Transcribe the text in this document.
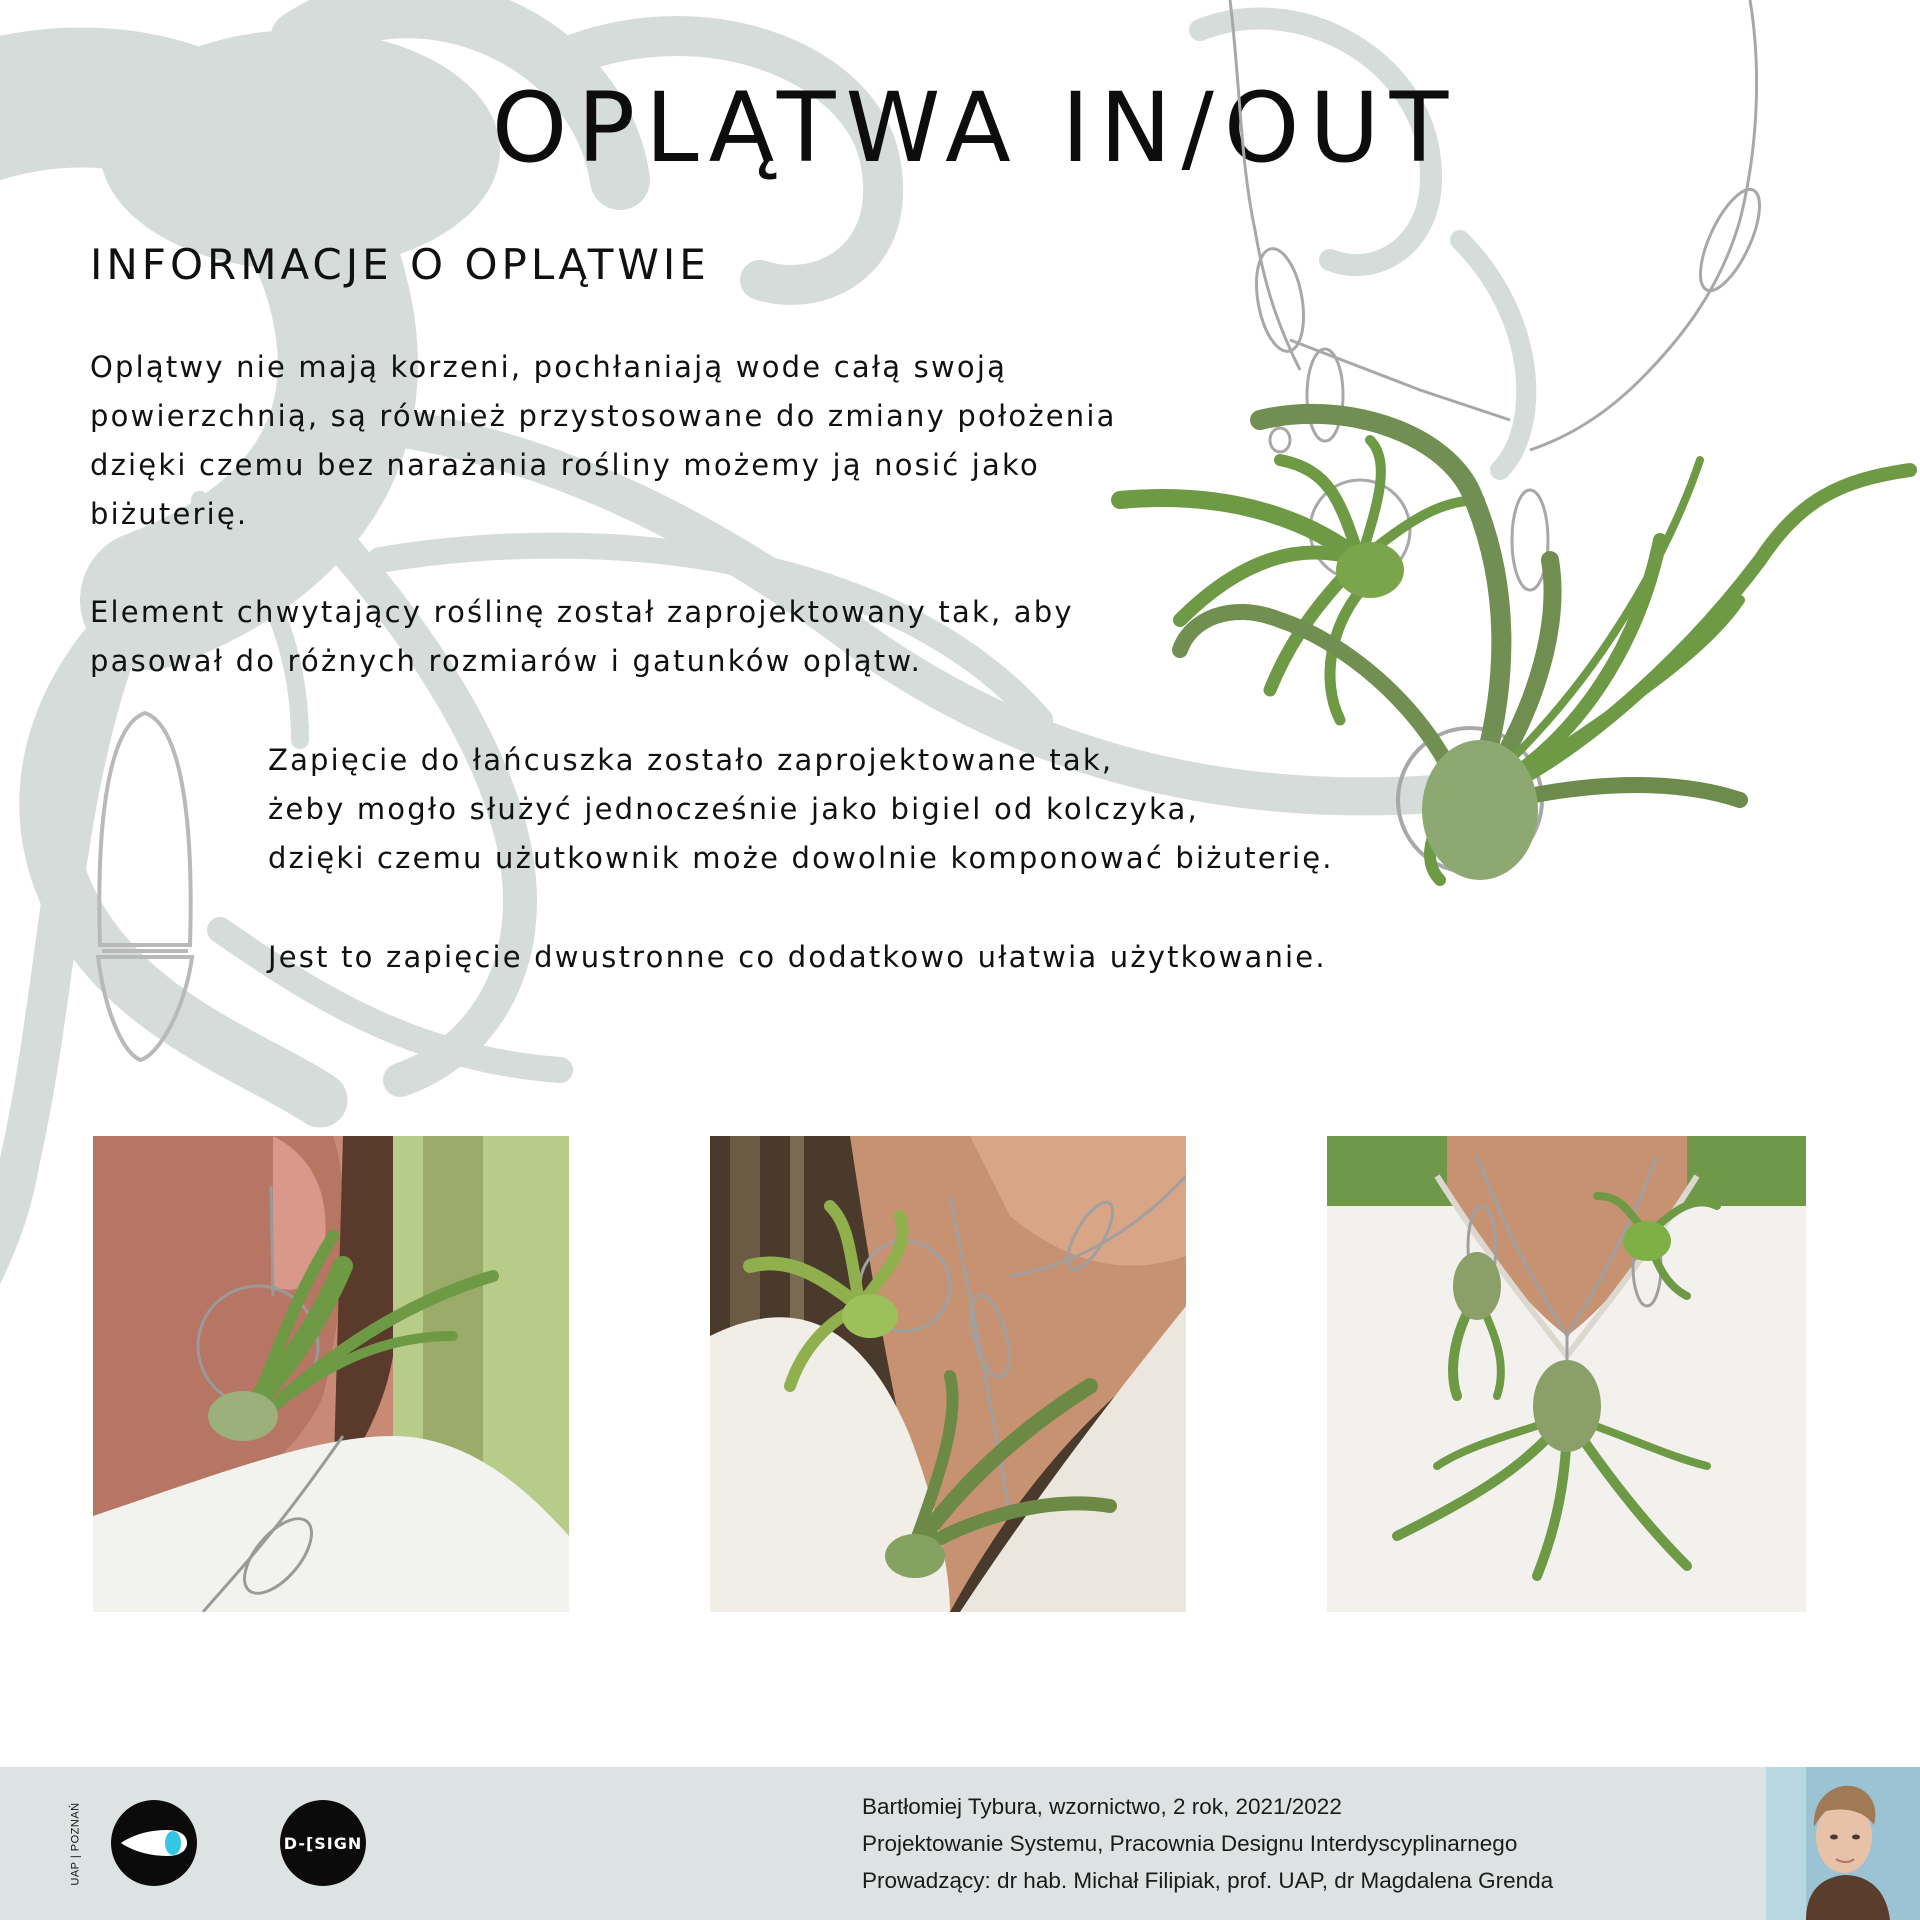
OPLĄTWA IN/OUT
INFORMACJE O OPLĄTWIE
Oplątwy nie mają korzeni, pochłaniają wode całą swoją
powierzchnią, są również przystosowane do zmiany położenia
dzięki czemu bez narażania rośliny możemy ją nosić jako
biżuterię.
Element chwytający roślinę został zaprojektowany tak, aby
pasował do różnych rozmiarów i gatunków oplątw.
Zapięcie do łańcuszka zostało zaprojektowane tak,
żeby mogło służyć jednocześnie jako bigiel od kolczyka,
dzięki czemu użutkownik może dowolnie komponować biżuterię.
Jest to zapięcie dwustronne co dodatkowo ułatwia użytkowanie.
UAP | POZNAŃ	D-[SIGN
Bartłomiej Tybura, wzornictwo, 2 rok, 2021/2022
Projektowanie Systemu, Pracownia Designu Interdyscyplinarnego
Prowadzący: dr hab. Michał Filipiak, prof. UAP, dr Magdalena Grenda
